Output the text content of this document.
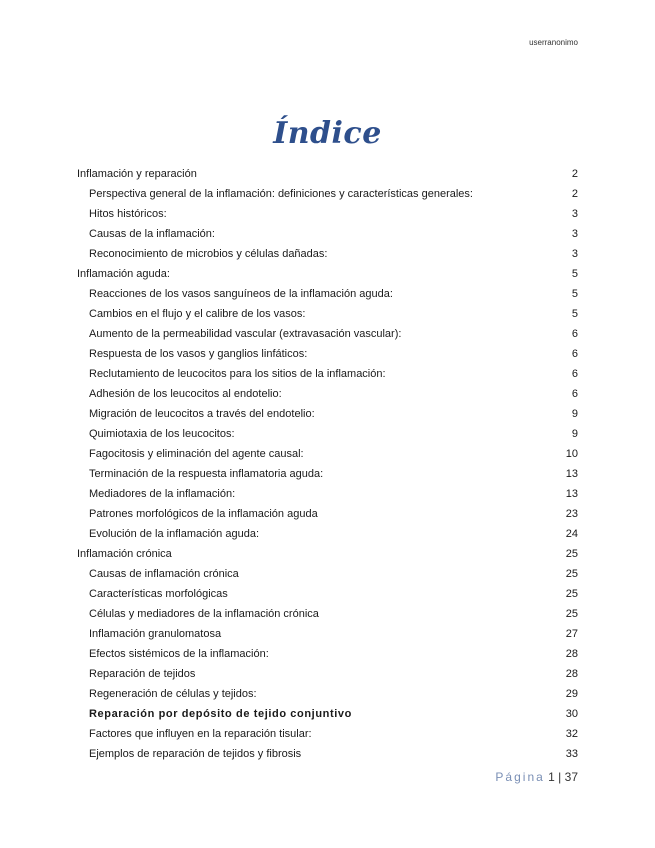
userranonimo
Índice
Inflamación y reparación	2
Perspectiva general de la inflamación: definiciones y características generales:	2
Hitos históricos:	3
Causas de la inflamación:	3
Reconocimiento de microbios y células dañadas:	3
Inflamación aguda:	5
Reacciones de los vasos sanguíneos de la inflamación aguda:	5
Cambios en el flujo y el calibre de los vasos:	5
Aumento de la permeabilidad vascular (extravasación vascular):	6
Respuesta de los vasos y ganglios linfáticos:	6
Reclutamiento de leucocitos para los sitios de la inflamación:	6
Adhesión de los leucocitos al endotelio:	6
Migración de leucocitos a través del endotelio:	9
Quimiotaxia de los leucocitos:	9
Fagocitosis y eliminación del agente causal:	10
Terminación de la respuesta inflamatoria aguda:	13
Mediadores de la inflamación:	13
Patrones morfológicos de la inflamación aguda	23
Evolución de la inflamación aguda:	24
Inflamación crónica	25
Causas de inflamación crónica	25
Características morfológicas	25
Células y mediadores de la inflamación crónica	25
Inflamación granulomatosa	27
Efectos sistémicos de la inflamación:	28
Reparación de tejidos	28
Regeneración de células y tejidos:	29
Reparación por depósito de tejido conjuntivo	30
Factores que influyen en la reparación tisular:	32
Ejemplos de reparación de tejidos y fibrosis	33
Página 1 | 37
